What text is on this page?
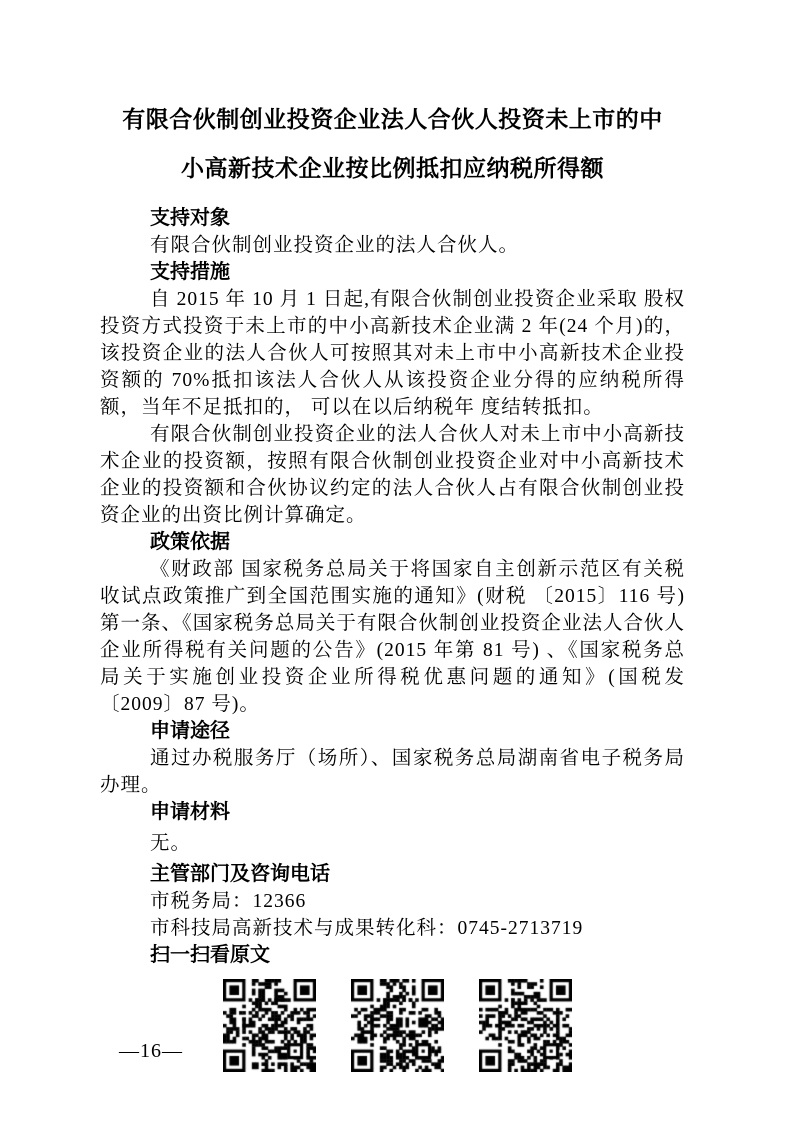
有限合伙制创业投资企业法人合伙人投资未上市的中
小高新技术企业按比例抵扣应纳税所得额
支持对象

有限合伙制创业投资企业的法人合伙人。

支持措施

自 2015 年 10 月 1 日起,有限合伙制创业投资企业采取 股权投资方式投资于未上市的中小高新技术企业满 2 年(24 个月)的， 该投资企业的法人合伙人可按照其对未上市中小高新技术企业投资额的 70%抵扣该法人合伙人从该投资企业分得的应纳税所得额，当年不足抵扣的， 可以在以后纳税年 度结转抵扣。

有限合伙制创业投资企业的法人合伙人对未上市中小高新技术企业的投资额，按照有限合伙制创业投资企业对中小高新技术企业的投资额和合伙协议约定的法人合伙人占有限合伙制创业投资企业的出资比例计算确定。

政策依据

《财政部 国家税务总局关于将国家自主创新示范区有关税收试点政策推广到全国范围实施的通知》(财税 〔2015〕116 号)第一条、《国家税务总局关于有限合伙制创业投资企业法人合伙人企业所得税有关问题的公告》(2015 年第 81 号) 、《国家税务总局关于实施创业投资企业所得税优惠问题的通知》(国税发〔2009〕87 号)。

申请途径

通过办税服务厅（场所）、国家税务总局湖南省电子税务局办理。

申请材料

无。

主管部门及咨询电话

市税务局：12366

市科技局高新技术与成果转化科：0745-2713719

扫一扫看原文
—16—
